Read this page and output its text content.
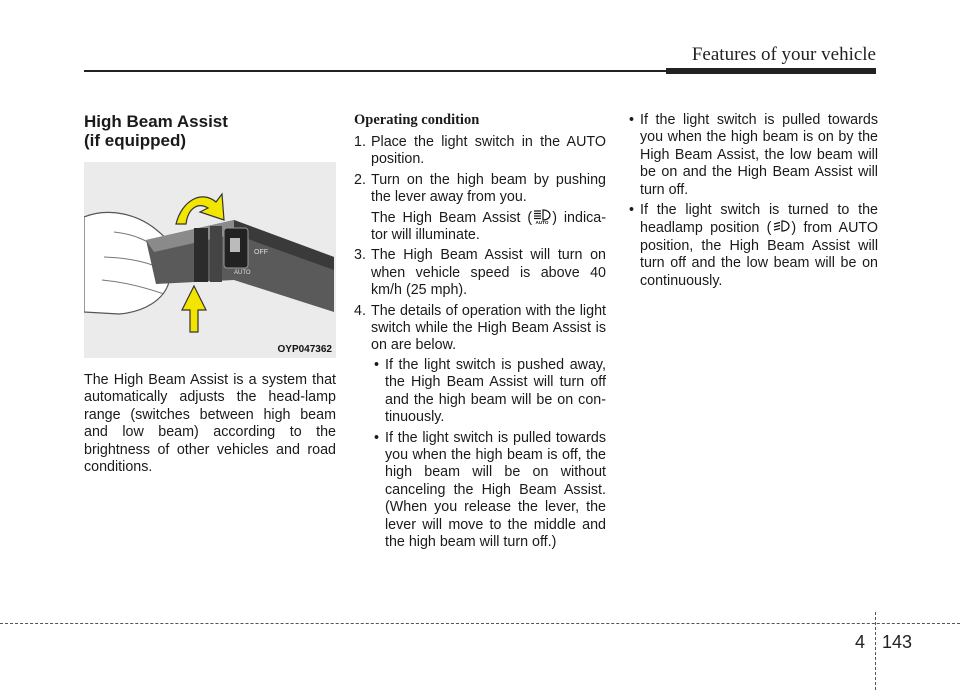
Features of your vehicle
High Beam Assist
(if equipped)
OFF
AUTO
OYP047362

The High Beam Assist is a system that automatically adjusts the head-lamp range (switches between high beam and low beam) according to the brightness of other vehicles and road conditions.

Operating condition
1. Place the light switch in the AUTO position.
2. Turn on the high beam by pushing the lever away from you.
The High Beam Assist ( AUTO ) indica-tor will illuminate.
3. The High Beam Assist will turn on when vehicle speed is above 40 km/h (25 mph).
4. The details of operation with the light switch while the High Beam Assist is on are below.
• If the light switch is pushed away, the High Beam Assist will turn off and the high beam will be on con-tinuously.
• If the light switch is pulled towards you when the high beam is off, the high beam will be on without canceling the High Beam Assist. (When you release the lever, the lever will move to the middle and the high beam will turn off.)
• If the light switch is pulled towards you when the high beam is on by the High Beam Assist, the low beam will be on and the High Beam Assist will turn off.
• If the light switch is turned to the headlamp position ( ) from AUTO position, the High Beam Assist will turn off and the low beam will be on continuously.
4 143
